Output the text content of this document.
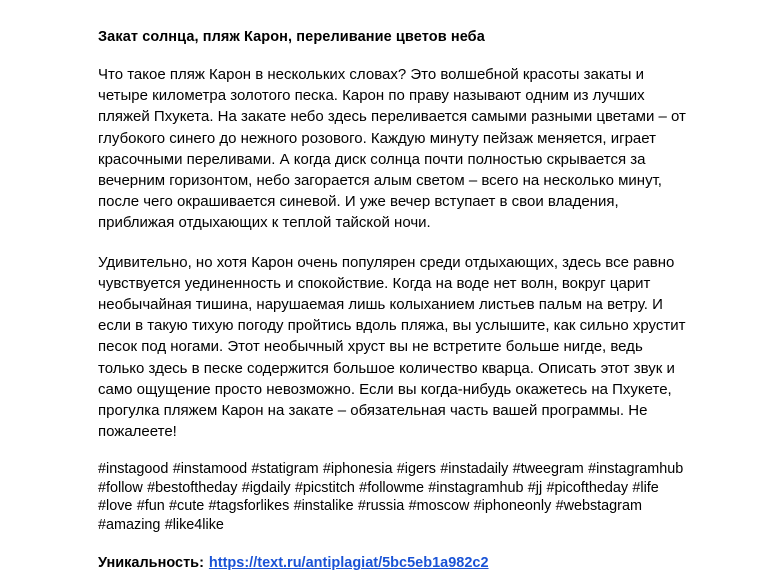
Закат солнца, пляж Карон, переливание цветов неба

Что такое пляж Карон в нескольких словах? Это волшебной красоты закаты и четыре километра золотого песка. Карон по праву называют одним из лучших пляжей Пхукета. На закате небо здесь переливается самыми разными цветами – от глубокого синего до нежного розового. Каждую минуту пейзаж меняется, играет красочными переливами. А когда диск солнца почти полностью скрывается за вечерним горизонтом, небо загорается алым светом – всего на несколько минут, после чего окрашивается синевой. И уже вечер вступает в свои владения, приближая отдыхающих к теплой тайской ночи.

Удивительно, но хотя Карон очень популярен среди отдыхающих, здесь все равно чувствуется уединенность и спокойствие. Когда на воде нет волн, вокруг царит необычайная тишина, нарушаемая лишь колыханием листьев пальм на ветру. И если в такую тихую погоду пройтись вдоль пляжа, вы услышите, как сильно хрустит песок под ногами. Этот необычный хруст вы не встретите больше нигде, ведь только здесь в песке содержится большое количество кварца. Описать этот звук и само ощущение просто невозможно. Если вы когда-нибудь окажетесь на Пхукете, прогулка пляжем Карон на закате – обязательная часть вашей программы. Не пожалеете!

#instagood #instamood #statigram #iphonesia #igers #instadaily #tweegram #instagramhub #follow #bestoftheday #igdaily #picstitch #followme #instagramhub #jj #picoftheday #life #love #fun #cute #tagsforlikes #instalike #russia #moscow #iphoneonly #webstagram #amazing #like4like

Уникальность: https://text.ru/antiplagiat/5bc5eb1a982c2
